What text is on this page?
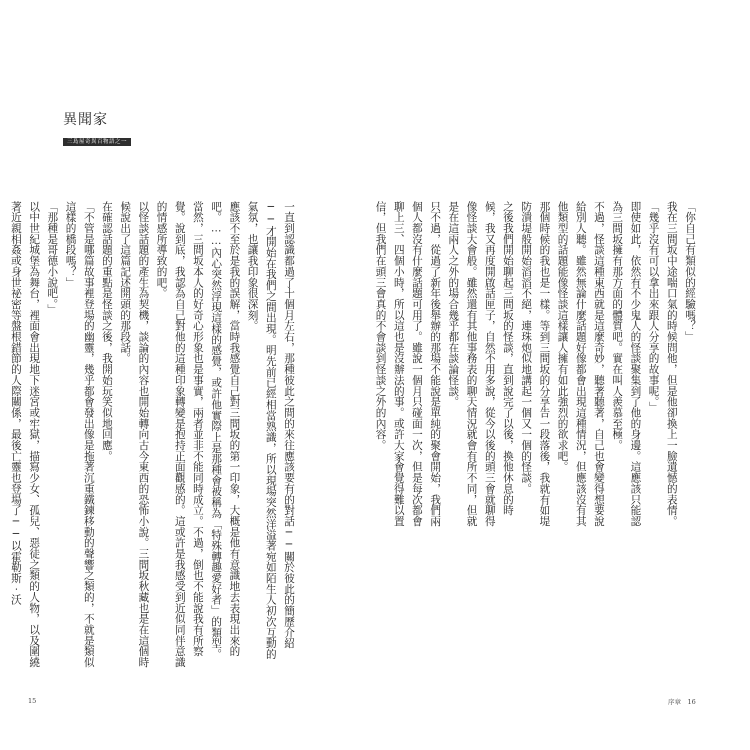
異聞家
三島屋奇異百物語之一

一直到認識都過了十個月左右，那種彼此之間的來往應該要有的對話──關於彼此的簡歷介紹──才開始在我們之間出現。明先前已經相當熟識，所以現場突然洋溢著宛如陌生人初次互動的氣氛，也讓我印象很深刻。

應該不至於是我的誤解，當時我感覺自己對三間坂的第一印象，大概是他有意識地去表現出來的吧。……內心突然浮現這樣的感覺，或許他實際上是那種會被稱為「特殊轉趣愛好者」的類型。當然，三間坂本人的好奇心形象也是事實，兩者並非不能同時成立。不過，倒也不能說我有所察覺。說到底，我認為自己對他的這種印象轉變是抱持正面觀感的。這或許是我感受到近似同伴意識的情感所導致的吧。

以怪談話題的產生為契機，談論的內容也開始轉向古今東西的恐怖小說。三間坂秋藏也是在這個時候說出了這篇記述開頭的那段話。

在確認話題的重點是怪談之後，我開始玩笑似地回應。

「不管是哪篇故事裡登場的幽靈，幾乎都會發出像是拖著沉重鐵鍊移動的聲響之類的，不就是類似這樣的橋段嗎？」

「那種是哥德小說吧。」

以中世紀城堡為舞台，裡面會出現地下迷宮或牢獄，描寫少女、孤兒、惡徒之類的人物，以及圍繞著近親相姦或身世祕密等盤根錯節的人際關係，最後亡靈也登場了──以霍勒斯‧沃

15

「你自己有類似的經驗嗎？」

我在三間坂中途喘口氣的時候問他，但是他卻換上一臉遺憾的表情。

「幾乎沒有可以拿出來跟人分享的故事呢。」

即使如此，依然有不少鬼人的怪談聚集到了他的身邊。這應該只能認為三間坂擁有那方面的體質吧。實在叫人羨慕至極。

不過，怪談這種東西就是這麼奇妙，聽著聽著，自己也會變得想要說給別人聽。雖然無論什麼話題好像都會出現這種情況，但應該沒有其他類型的話題能像怪談這樣讓人擁有如此強烈的欲求吧。

那個時候的我也是一樣。等到三間坂的分享告一段落後，我就有如堤防潰堤般開始滔滔不絕，連珠炮似地講起一個又一個的怪談。

之後我們開始聊起三間坂的怪談，直到說完了以後，換他休息的時候，我又再度開啟話匣子，自然不用多說，從今以後的頭三會就聊得像怪談大會般。雖然還有其他事務表的聊天情況就會有所不同，但就是在這兩人之外的場合幾乎都在談論怪談。

只不過，從過了新年後舉辦的那場不能說是單純的聚會開始，我們兩個人都沒有什麼話題可用了。雖說一個月只碰面一次，但是每次都會聊上三、四個小時，所以這也是沒辦法的事。或許大家會覺得難以置信，但我們在頭三會真的不會談到怪談之外的內容。

序章　16
